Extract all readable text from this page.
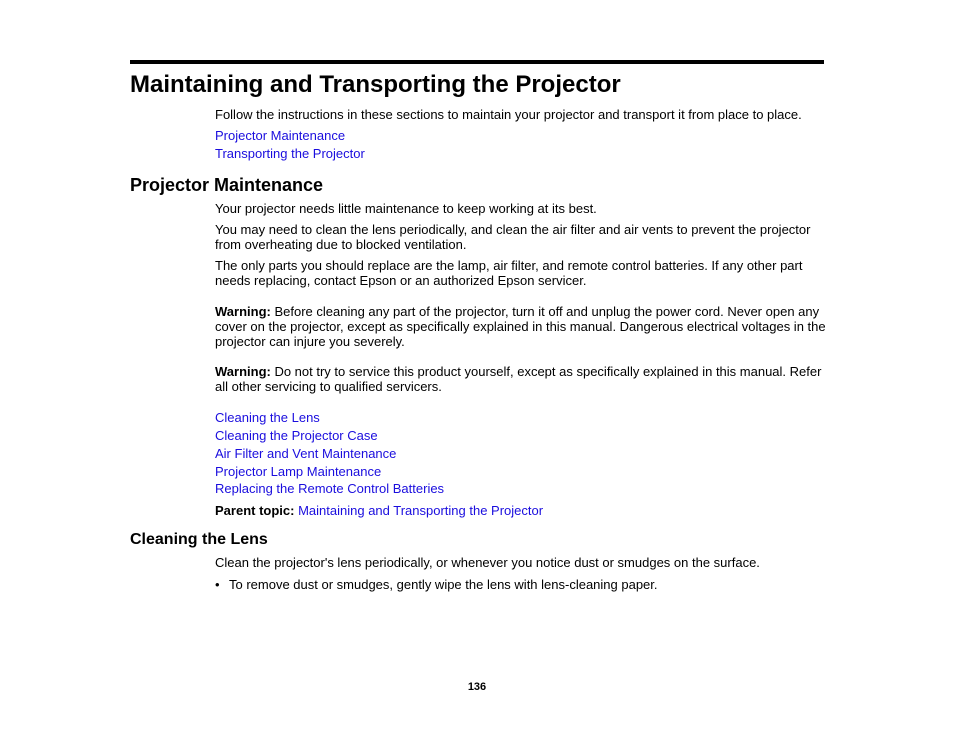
Maintaining and Transporting the Projector

Follow the instructions in these sections to maintain your projector and transport it from place to place.

Projector Maintenance
Transporting the Projector
Projector Maintenance

Your projector needs little maintenance to keep working at its best.

You may need to clean the lens periodically, and clean the air filter and air vents to prevent the projector from overheating due to blocked ventilation.

The only parts you should replace are the lamp, air filter, and remote control batteries. If any other part needs replacing, contact Epson or an authorized Epson servicer.

Warning: Before cleaning any part of the projector, turn it off and unplug the power cord. Never open any cover on the projector, except as specifically explained in this manual. Dangerous electrical voltages in the projector can injure you severely.

Warning: Do not try to service this product yourself, except as specifically explained in this manual. Refer all other servicing to qualified servicers.

Cleaning the Lens
Cleaning the Projector Case
Air Filter and Vent Maintenance
Projector Lamp Maintenance
Replacing the Remote Control Batteries

Parent topic: Maintaining and Transporting the Projector

Cleaning the Lens

Clean the projector's lens periodically, or whenever you notice dust or smudges on the surface.

• To remove dust or smudges, gently wipe the lens with lens-cleaning paper.
136
